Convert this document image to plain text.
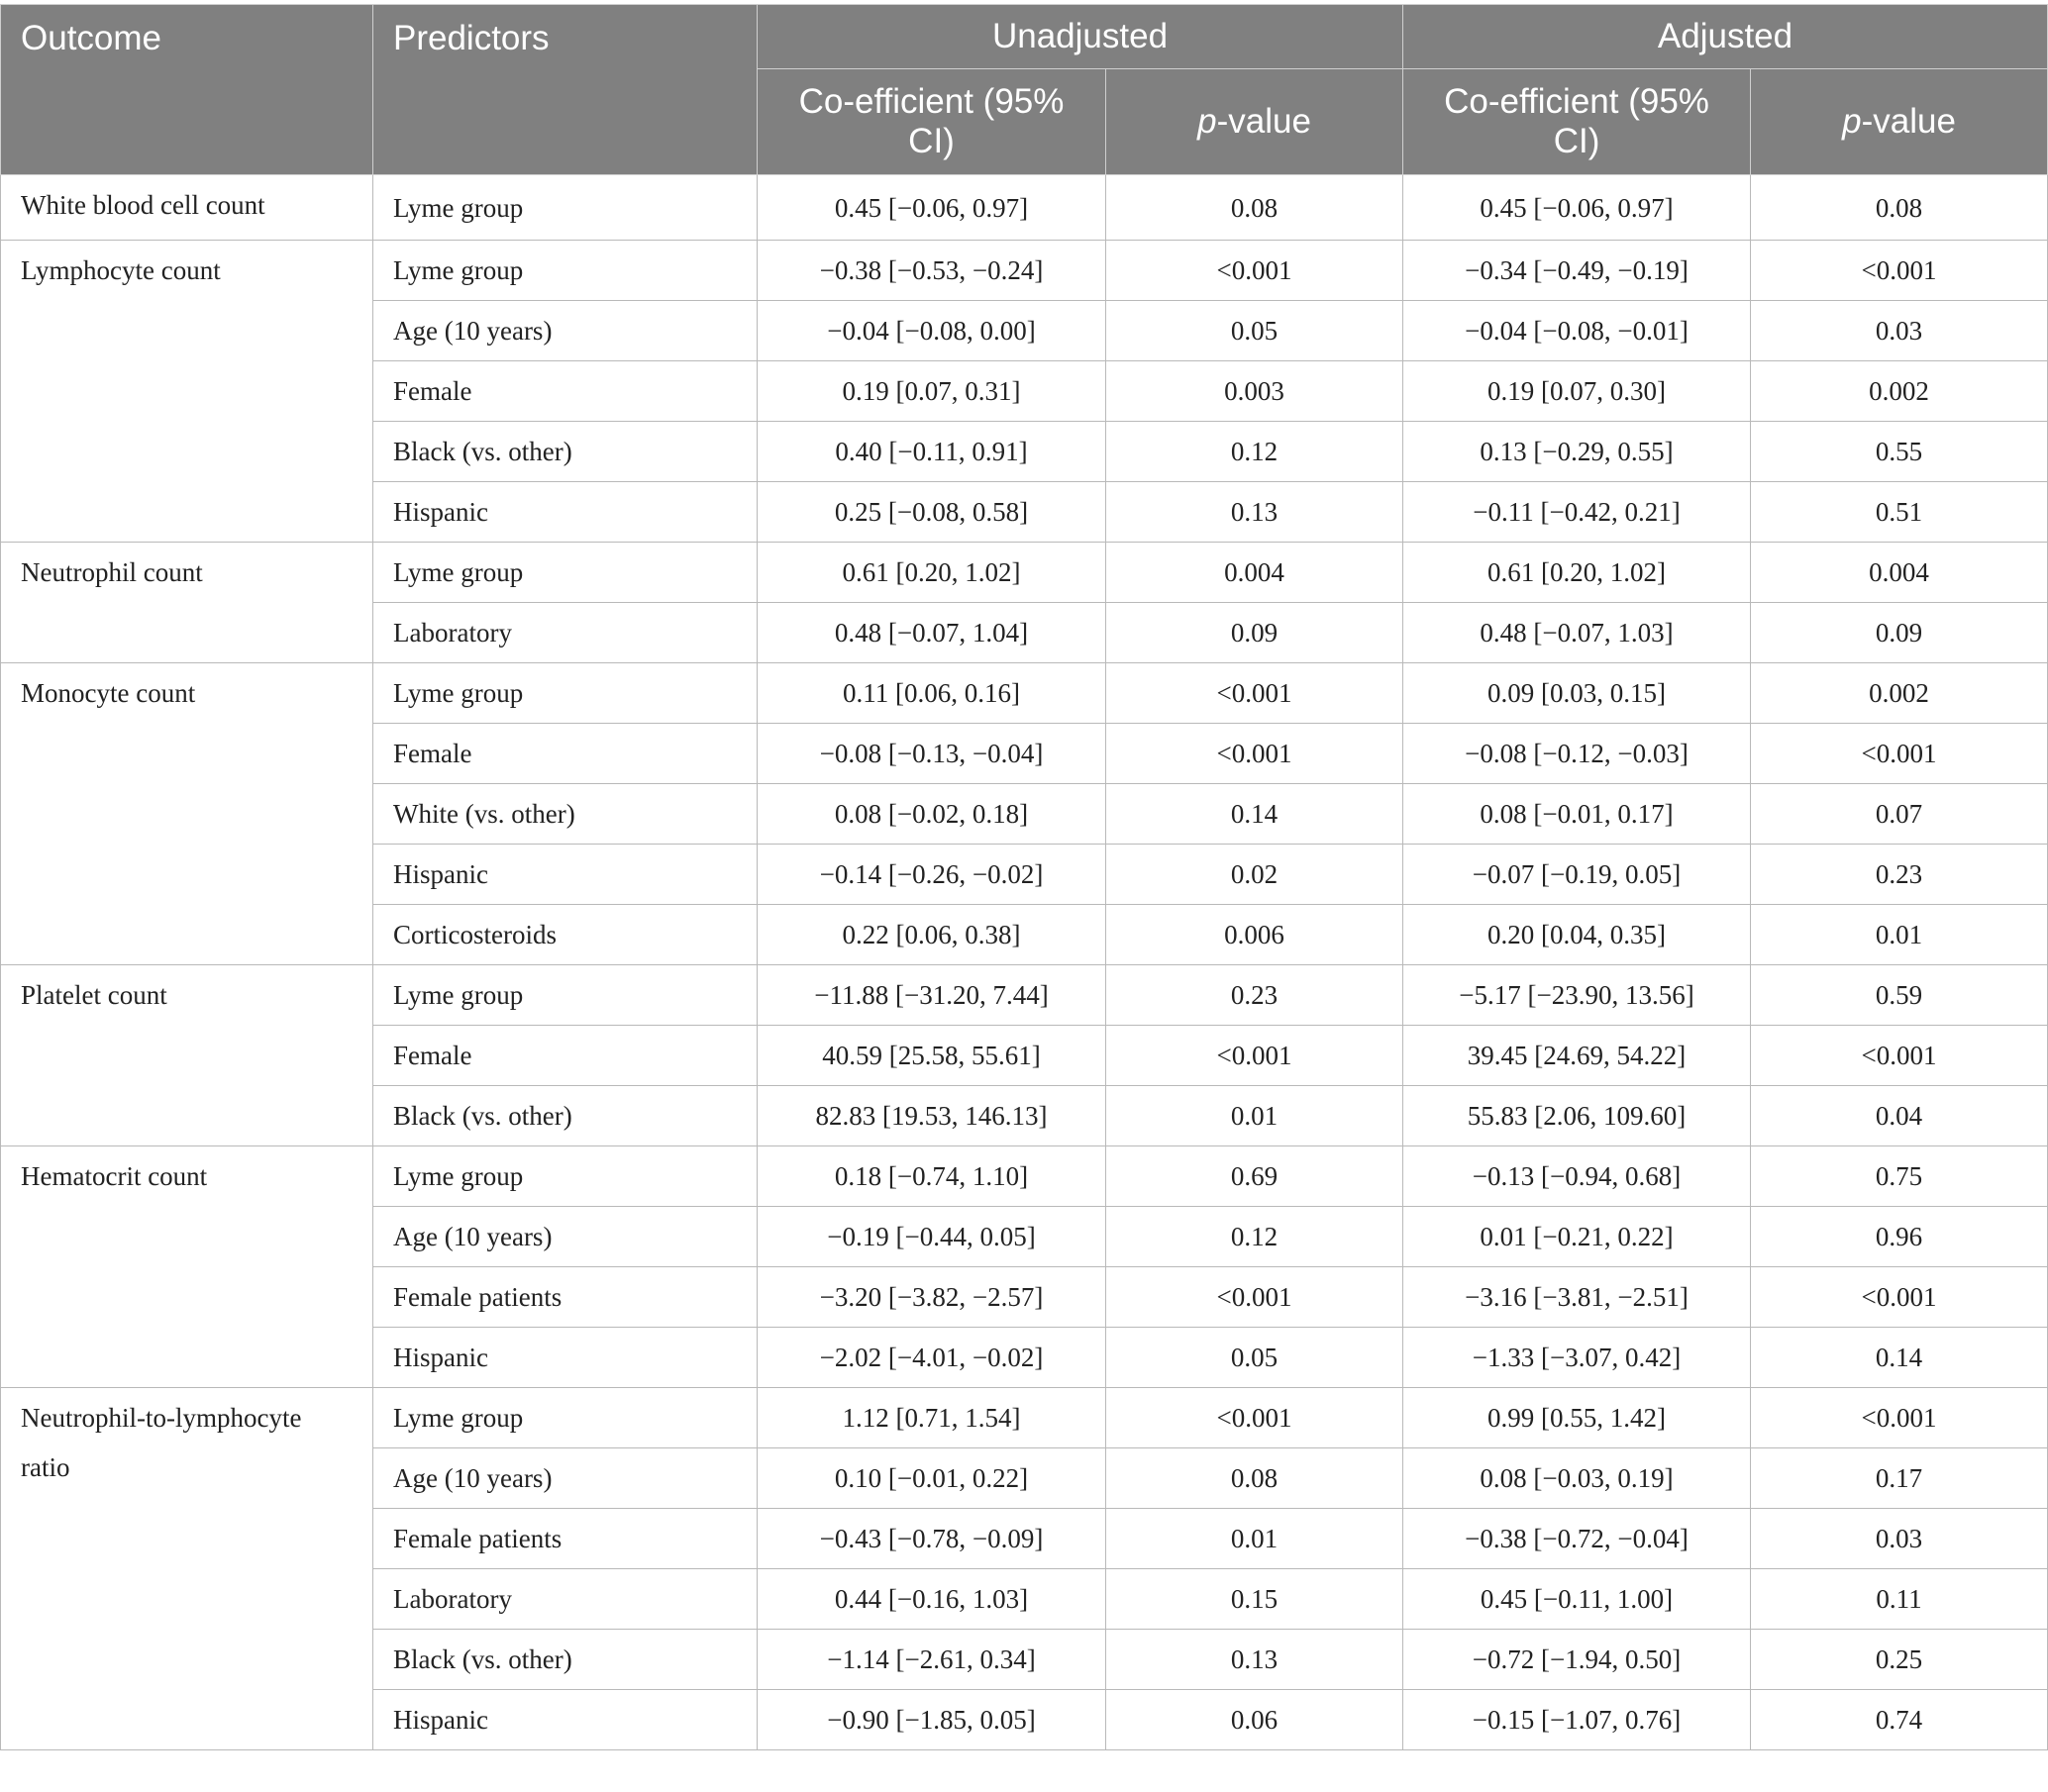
Outcome	Predictors	Unadjusted		Adjusted	
		Co-efficient (95% CI)	p-value	Co-efficient (95% CI)	p-value
White blood cell count	Lyme group	0.45 [−0.06, 0.97]	0.08	0.45 [−0.06, 0.97]	0.08
Lymphocyte count	Lyme group	−0.38 [−0.53, −0.24]	<0.001	−0.34 [−0.49, −0.19]	<0.001
	Age (10 years)	−0.04 [−0.08, 0.00]	0.05	−0.04 [−0.08, −0.01]	0.03
	Female	0.19 [0.07, 0.31]	0.003	0.19 [0.07, 0.30]	0.002
	Black (vs. other)	0.40 [−0.11, 0.91]	0.12	0.13 [−0.29, 0.55]	0.55
	Hispanic	0.25 [−0.08, 0.58]	0.13	−0.11 [−0.42, 0.21]	0.51
Neutrophil count	Lyme group	0.61 [0.20, 1.02]	0.004	0.61 [0.20, 1.02]	0.004
	Laboratory	0.48 [−0.07, 1.04]	0.09	0.48 [−0.07, 1.03]	0.09
Monocyte count	Lyme group	0.11 [0.06, 0.16]	<0.001	0.09 [0.03, 0.15]	0.002
	Female	−0.08 [−0.13, −0.04]	<0.001	−0.08 [−0.12, −0.03]	<0.001
	White (vs. other)	0.08 [−0.02, 0.18]	0.14	0.08 [−0.01, 0.17]	0.07
	Hispanic	−0.14 [−0.26, −0.02]	0.02	−0.07 [−0.19, 0.05]	0.23
	Corticosteroids	0.22 [0.06, 0.38]	0.006	0.20 [0.04, 0.35]	0.01
Platelet count	Lyme group	−11.88 [−31.20, 7.44]	0.23	−5.17 [−23.90, 13.56]	0.59
	Female	40.59 [25.58, 55.61]	<0.001	39.45 [24.69, 54.22]	<0.001
	Black (vs. other)	82.83 [19.53, 146.13]	0.01	55.83 [2.06, 109.60]	0.04
Hematocrit count	Lyme group	0.18 [−0.74, 1.10]	0.69	−0.13 [−0.94, 0.68]	0.75
	Age (10 years)	−0.19 [−0.44, 0.05]	0.12	0.01 [−0.21, 0.22]	0.96
	Female patients	−3.20 [−3.82, −2.57]	<0.001	−3.16 [−3.81, −2.51]	<0.001
	Hispanic	−2.02 [−4.01, −0.02]	0.05	−1.33 [−3.07, 0.42]	0.14
Neutrophil-to-lymphocyte ratio	Lyme group	1.12 [0.71, 1.54]	<0.001	0.99 [0.55, 1.42]	<0.001
	Age (10 years)	0.10 [−0.01, 0.22]	0.08	0.08 [−0.03, 0.19]	0.17
	Female patients	−0.43 [−0.78, −0.09]	0.01	−0.38 [−0.72, −0.04]	0.03
	Laboratory	0.44 [−0.16, 1.03]	0.15	0.45 [−0.11, 1.00]	0.11
	Black (vs. other)	−1.14 [−2.61, 0.34]	0.13	−0.72 [−1.94, 0.50]	0.25
	Hispanic	−0.90 [−1.85, 0.05]	0.06	−0.15 [−1.07, 0.76]	0.74
